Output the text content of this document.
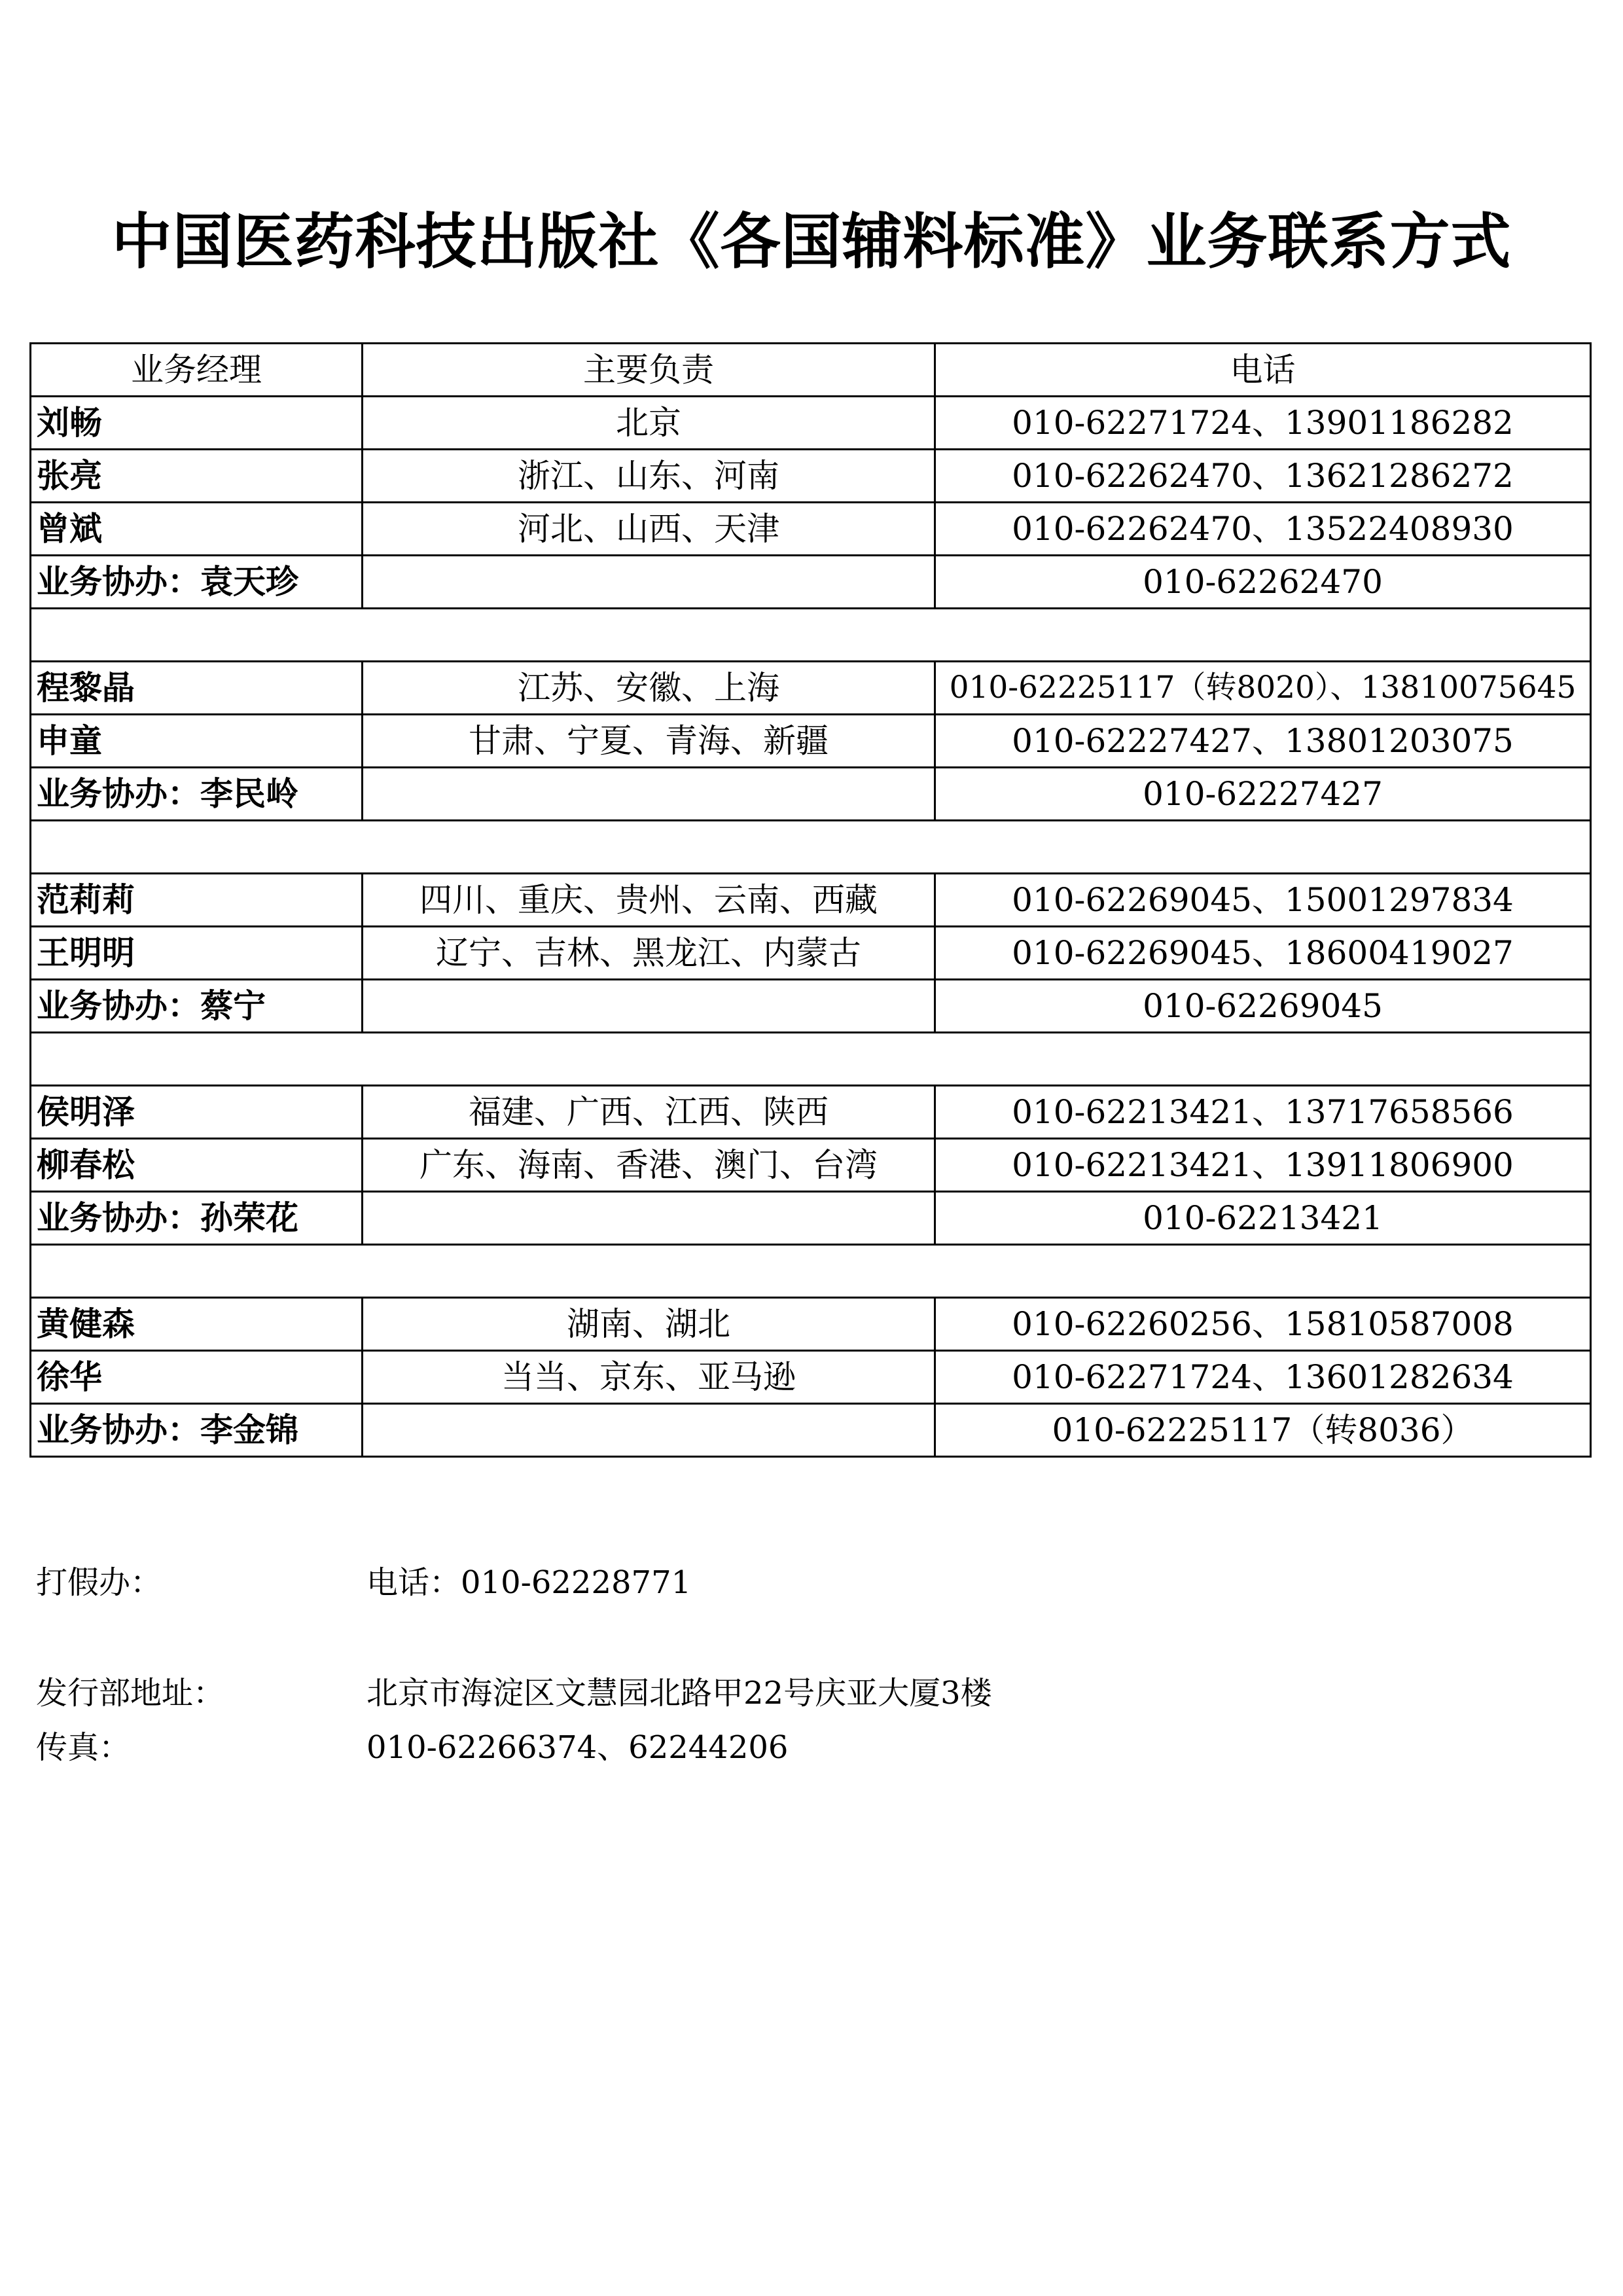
中国医药科技出版社《各国辅料标准》业务联系方式
业务经理	主要负责	电话
刘畅	北京	010-62271724、13901186282
张亮	浙江、山东、河南	010-62262470、13621286272
曾斌	河北、山西、天津	010-62262470、13522408930
业务协办：袁天珍		010-62262470

程黎晶	江苏、安徽、上海	010-62225117（转8020）、13810075645
申童	甘肃、宁夏、青海、新疆	010-62227427、13801203075
业务协办：李民岭		010-62227427

范莉莉	四川、重庆、贵州、云南、西藏	010-62269045、15001297834
王明明	辽宁、吉林、黑龙江、内蒙古	010-62269045、18600419027
业务协办：蔡宁		010-62269045

侯明泽	福建、广西、江西、陕西	010-62213421、13717658566
柳春松	广东、海南、香港、澳门、台湾	010-62213421、13911806900
业务协办：孙荣花		010-62213421

黄健森	湖南、湖北	010-62260256、15810587008
徐华	当当、京东、亚马逊	010-62271724、13601282634
业务协办：李金锦		010-62225117（转8036）
打假办：	电话：010-62228771
发行部地址：	北京市海淀区文慧园北路甲22号庆亚大厦3楼
传真：	010-62266374、62244206
